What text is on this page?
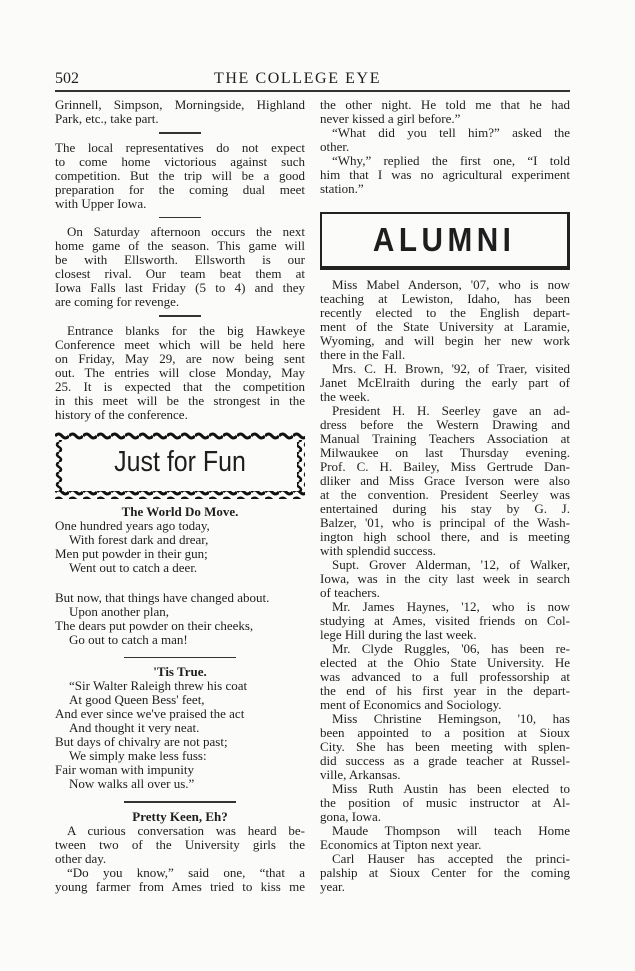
502	THE COLLEGE EYE
Grinnell, Simpson, Morningside, Highland
Park, etc., take part.
The local representatives do not expect
to come home victorious against such
competition. But the trip will be a good
preparation for the coming dual meet
with Upper Iowa.
On Saturday afternoon occurs the next
home game of the season. This game will
be with Ellsworth. Ellsworth is our
closest rival. Our team beat them at
Iowa Falls last Friday (5 to 4) and they
are coming for revenge.
Entrance blanks for the big Hawkeye
Conference meet which will be held here
on Friday, May 29, are now being sent
out. The entries will close Monday, May
25. It is expected that the competition
in this meet will be the strongest in the
history of the conference.
Just for Fun
The World Do Move.
One hundred years ago today,
With forest dark and drear,
Men put powder in their gun;
Went out to catch a deer.
But now, that things have changed about.
Upon another plan,
The dears put powder on their cheeks,
Go out to catch a man!
'Tis True.
“Sir Walter Raleigh threw his coat
At good Queen Bess' feet,
And ever since we've praised the act
And thought it very neat.
But days of chivalry are not past;
We simply make less fuss:
Fair woman with impunity
Now walks all over us.”
Pretty Keen, Eh?
A curious conversation was heard be-
tween two of the University girls the
other day.
“Do you know,” said one, “that a
young farmer from Ames tried to kiss me
the other night. He told me that he had
never kissed a girl before.”
“What did you tell him?” asked the
other.
“Why,” replied the first one, “I told
him that I was no agricultural experiment
station.”
ALUMNI
Miss Mabel Anderson, '07, who is now
teaching at Lewiston, Idaho, has been
recently elected to the English depart-
ment of the State University at Laramie,
Wyoming, and will begin her new work
there in the Fall.
Mrs. C. H. Brown, '92, of Traer, visited
Janet McElraith during the early part of
the week.
President H. H. Seerley gave an ad-
dress before the Western Drawing and
Manual Training Teachers Association at
Milwaukee on last Thursday evening.
Prof. C. H. Bailey, Miss Gertrude Dan-
dliker and Miss Grace Iverson were also
at the convention. President Seerley was
entertained during his stay by G. J.
Balzer, '01, who is principal of the Wash-
ington high school there, and is meeting
with splendid success.
Supt. Grover Alderman, '12, of Walker,
Iowa, was in the city last week in search
of teachers.
Mr. James Haynes, '12, who is now
studying at Ames, visited friends on Col-
lege Hill during the last week.
Mr. Clyde Ruggles, '06, has been re-
elected at the Ohio State University. He
was advanced to a full professorship at
the end of his first year in the depart-
ment of Economics and Sociology.
Miss Christine Hemingson, '10, has
been appointed to a position at Sioux
City. She has been meeting with splen-
did success as a grade teacher at Russel-
ville, Arkansas.
Miss Ruth Austin has been elected to
the position of music instructor at Al-
gona, Iowa.
Maude Thompson will teach Home
Economics at Tipton next year.
Carl Hauser has accepted the princi-
palship at Sioux Center for the coming
year.
